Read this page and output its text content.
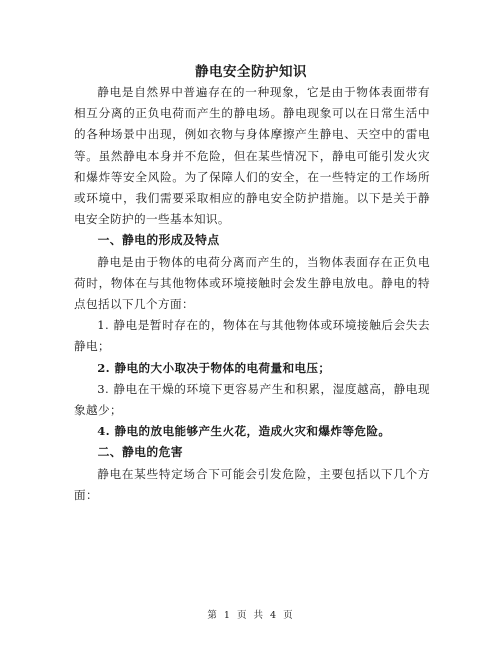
静电安全防护知识

静电是自然界中普遍存在的一种现象，它是由于物体表面带有相互分离的正负电荷而产生的静电场。静电现象可以在日常生活中的各种场景中出现，例如衣物与身体摩擦产生静电、天空中的雷电等。虽然静电本身并不危险，但在某些情况下，静电可能引发火灾和爆炸等安全风险。为了保障人们的安全，在一些特定的工作场所或环境中，我们需要采取相应的静电安全防护措施。以下是关于静电安全防护的一些基本知识。

一、静电的形成及特点

静电是由于物体的电荷分离而产生的，当物体表面存在正负电荷时，物体在与其他物体或环境接触时会发生静电放电。静电的特点包括以下几个方面：

1. 静电是暂时存在的，物体在与其他物体或环境接触后会失去静电；

2. 静电的大小取决于物体的电荷量和电压；

3. 静电在干燥的环境下更容易产生和积累，湿度越高，静电现象越少；

4. 静电的放电能够产生火花，造成火灾和爆炸等危险。

二、静电的危害

静电在某些特定场合下可能会引发危险，主要包括以下几个方面：

第 1 页 共 4 页
